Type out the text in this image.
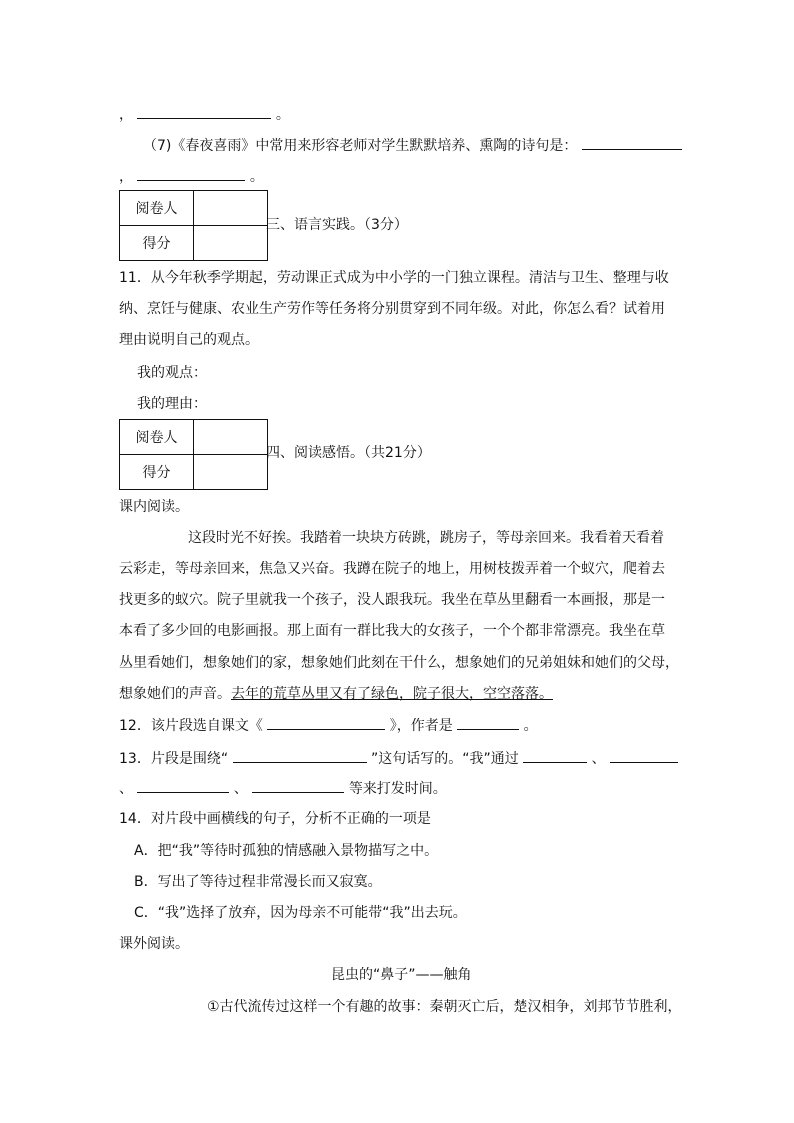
，	。
（7)《春夜喜雨》中常用来形容老师对学生默默培养、熏陶的诗句是：
，	。
阅卷人	
得分	
三、语言实践。（3分）
11．从今年秋季学期起，劳动课正式成为中小学的一门独立课程。清洁与卫生、整理与收
纳、烹饪与健康、农业生产劳作等任务将分别贯穿到不同年级。对此，你怎么看？试着用
理由说明自己的观点。
我的观点：
我的理由：
阅卷人	
得分	
四、阅读感悟。（共21分）
课内阅读。
这段时光不好挨。我踏着一块块方砖跳，跳房子，等母亲回来。我看着天看着
云彩走，等母亲回来，焦急又兴奋。我蹲在院子的地上，用树枝拨弄着一个蚁穴，爬着去
找更多的蚁穴。院子里就我一个孩子，没人跟我玩。我坐在草丛里翻看一本画报，那是一
本看了多少回的电影画报。那上面有一群比我大的女孩子，一个个都非常漂亮。我坐在草
丛里看她们，想象她们的家，想象她们此刻在干什么，想象她们的兄弟姐妹和她们的父母，
想象她们的声音。去年的荒草丛里又有了绿色，院子很大，空空落落。
12．该片段选自课文《	》，作者是	。
13．片段是围绕“	”这句话写的。“我”通过	、
、	、	等来打发时间。
14．对片段中画横线的句子，分析不正确的一项是
A．把“我”等待时孤独的情感融入景物描写之中。
B．写出了等待过程非常漫长而又寂寞。
C．“我”选择了放弃，因为母亲不可能带“我”出去玩。
课外阅读。
昆虫的“鼻子”——触角
①古代流传过这样一个有趣的故事：秦朝灭亡后，楚汉相争，刘邦节节胜利，
